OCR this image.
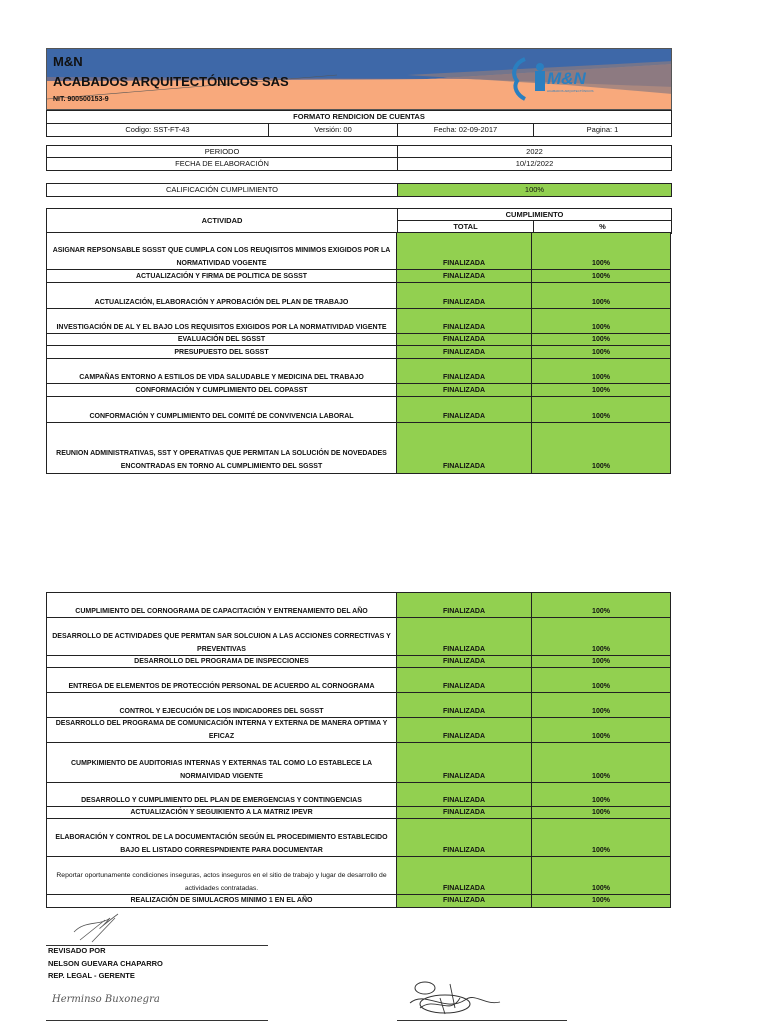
M&N
ACABADOS ARQUITECTÓNICOS SAS
NIT. 900500153-9
M&N
ACABADOS ARQUITECTÓNICOS
FORMATO RENDICION DE CUENTAS
Codigo: SST-FT-43	Versión: 00	Fecha: 02-09-2017	Pagina: 1
PERIODO	2022
FECHA DE ELABORACIÓN	10/12/2022
CALIFICACIÓN CUMPLIMIENTO	100%
ACTIVIDAD
CUMPLIMIENTO
TOTAL	%
ASIGNAR REPSONSABLE SGSST QUE CUMPLA CON LOS REUQISITOS MINIMOS EXIGIDOS POR LA NORMATIVIDAD VOGENTE	FINALIZADA	100%
ACTUALIZACIÓN Y FIRMA DE POLITICA DE SGSST	FINALIZADA	100%
ACTUALIZACIÓN, ELABORACIÓN Y APROBACIÓN DEL PLAN DE TRABAJO	FINALIZADA	100%
INVESTIGACIÓN DE AL Y EL BAJO LOS REQUISITOS EXIGIDOS POR LA NORMATIVIDAD VIGENTE	FINALIZADA	100%
EVALUACIÓN DEL SGSST	FINALIZADA	100%
PRESUPUESTO DEL SGSST	FINALIZADA	100%
CAMPAÑAS ENTORNO A ESTILOS DE VIDA SALUDABLE Y MEDICINA DEL TRABAJO	FINALIZADA	100%
CONFORMACIÓN Y CUMPLIMIENTO DEL COPASST	FINALIZADA	100%
CONFORMACIÓN Y CUMPLIMIENTO DEL COMITÉ DE CONVIVENCIA LABORAL	FINALIZADA	100%
REUNION ADMINISTRATIVAS, SST Y OPERATIVAS QUE PERMITAN LA SOLUCIÓN DE NOVEDADES ENCONTRADAS EN TORNO AL CUMPLIMIENTO DEL SGSST	FINALIZADA	100%
CUMPLIMIENTO DEL CORNOGRAMA DE CAPACITACIÓN Y ENTRENAMIENTO DEL AÑO	FINALIZADA	100%
DESARROLLO DE ACTIVIDADES QUE PERMTAN SAR SOLCUION A LAS ACCIONES CORRECTIVAS Y PREVENTIVAS	FINALIZADA	100%
DESARROLLO DEL PROGRAMA DE INSPECCIONES	FINALIZADA	100%
ENTREGA DE ELEMENTOS DE PROTECCIÓN PERSONAL DE ACUERDO AL CORNOGRAMA	FINALIZADA	100%
CONTROL Y EJECUCIÓN DE LOS INDICADORES DEL SGSST	FINALIZADA	100%
DESARROLLO DEL PROGRAMA DE COMUNICACIÓN INTERNA Y EXTERNA DE MANERA OPTIMA Y EFICAZ	FINALIZADA	100%
CUMPKIMIENTO DE AUDITORIAS INTERNAS Y EXTERNAS TAL COMO LO ESTABLECE LA NORMAIVIDAD VIGENTE	FINALIZADA	100%
DESARROLLO Y CUMPLIMIENTO DEL PLAN DE EMERGENCIAS Y CONTINGENCIAS	FINALIZADA	100%
ACTUALIZACIÓN Y SEGUIKIENTO A LA MATRIZ IPEVR	FINALIZADA	100%
ELABORACIÓN Y CONTROL DE LA DOCUMENTACIÓN SEGÚN EL PROCEDIMIENTO ESTABLECIDO BAJO EL LISTADO CORRESPNDIENTE PARA DOCUMENTAR	FINALIZADA	100%
Reportar oportunamente condiciones inseguras, actos inseguros en el sitio de trabajo y lugar de desarrollo de actividades contratadas.	FINALIZADA	100%
REALIZACIÓN DE SIMULACROS MINIMO 1 EN EL AÑO	FINALIZADA	100%
REVISADO POR
NELSON GUEVARA CHAPARRO
REP. LEGAL - GERENTE
Herminso Buxonegra
